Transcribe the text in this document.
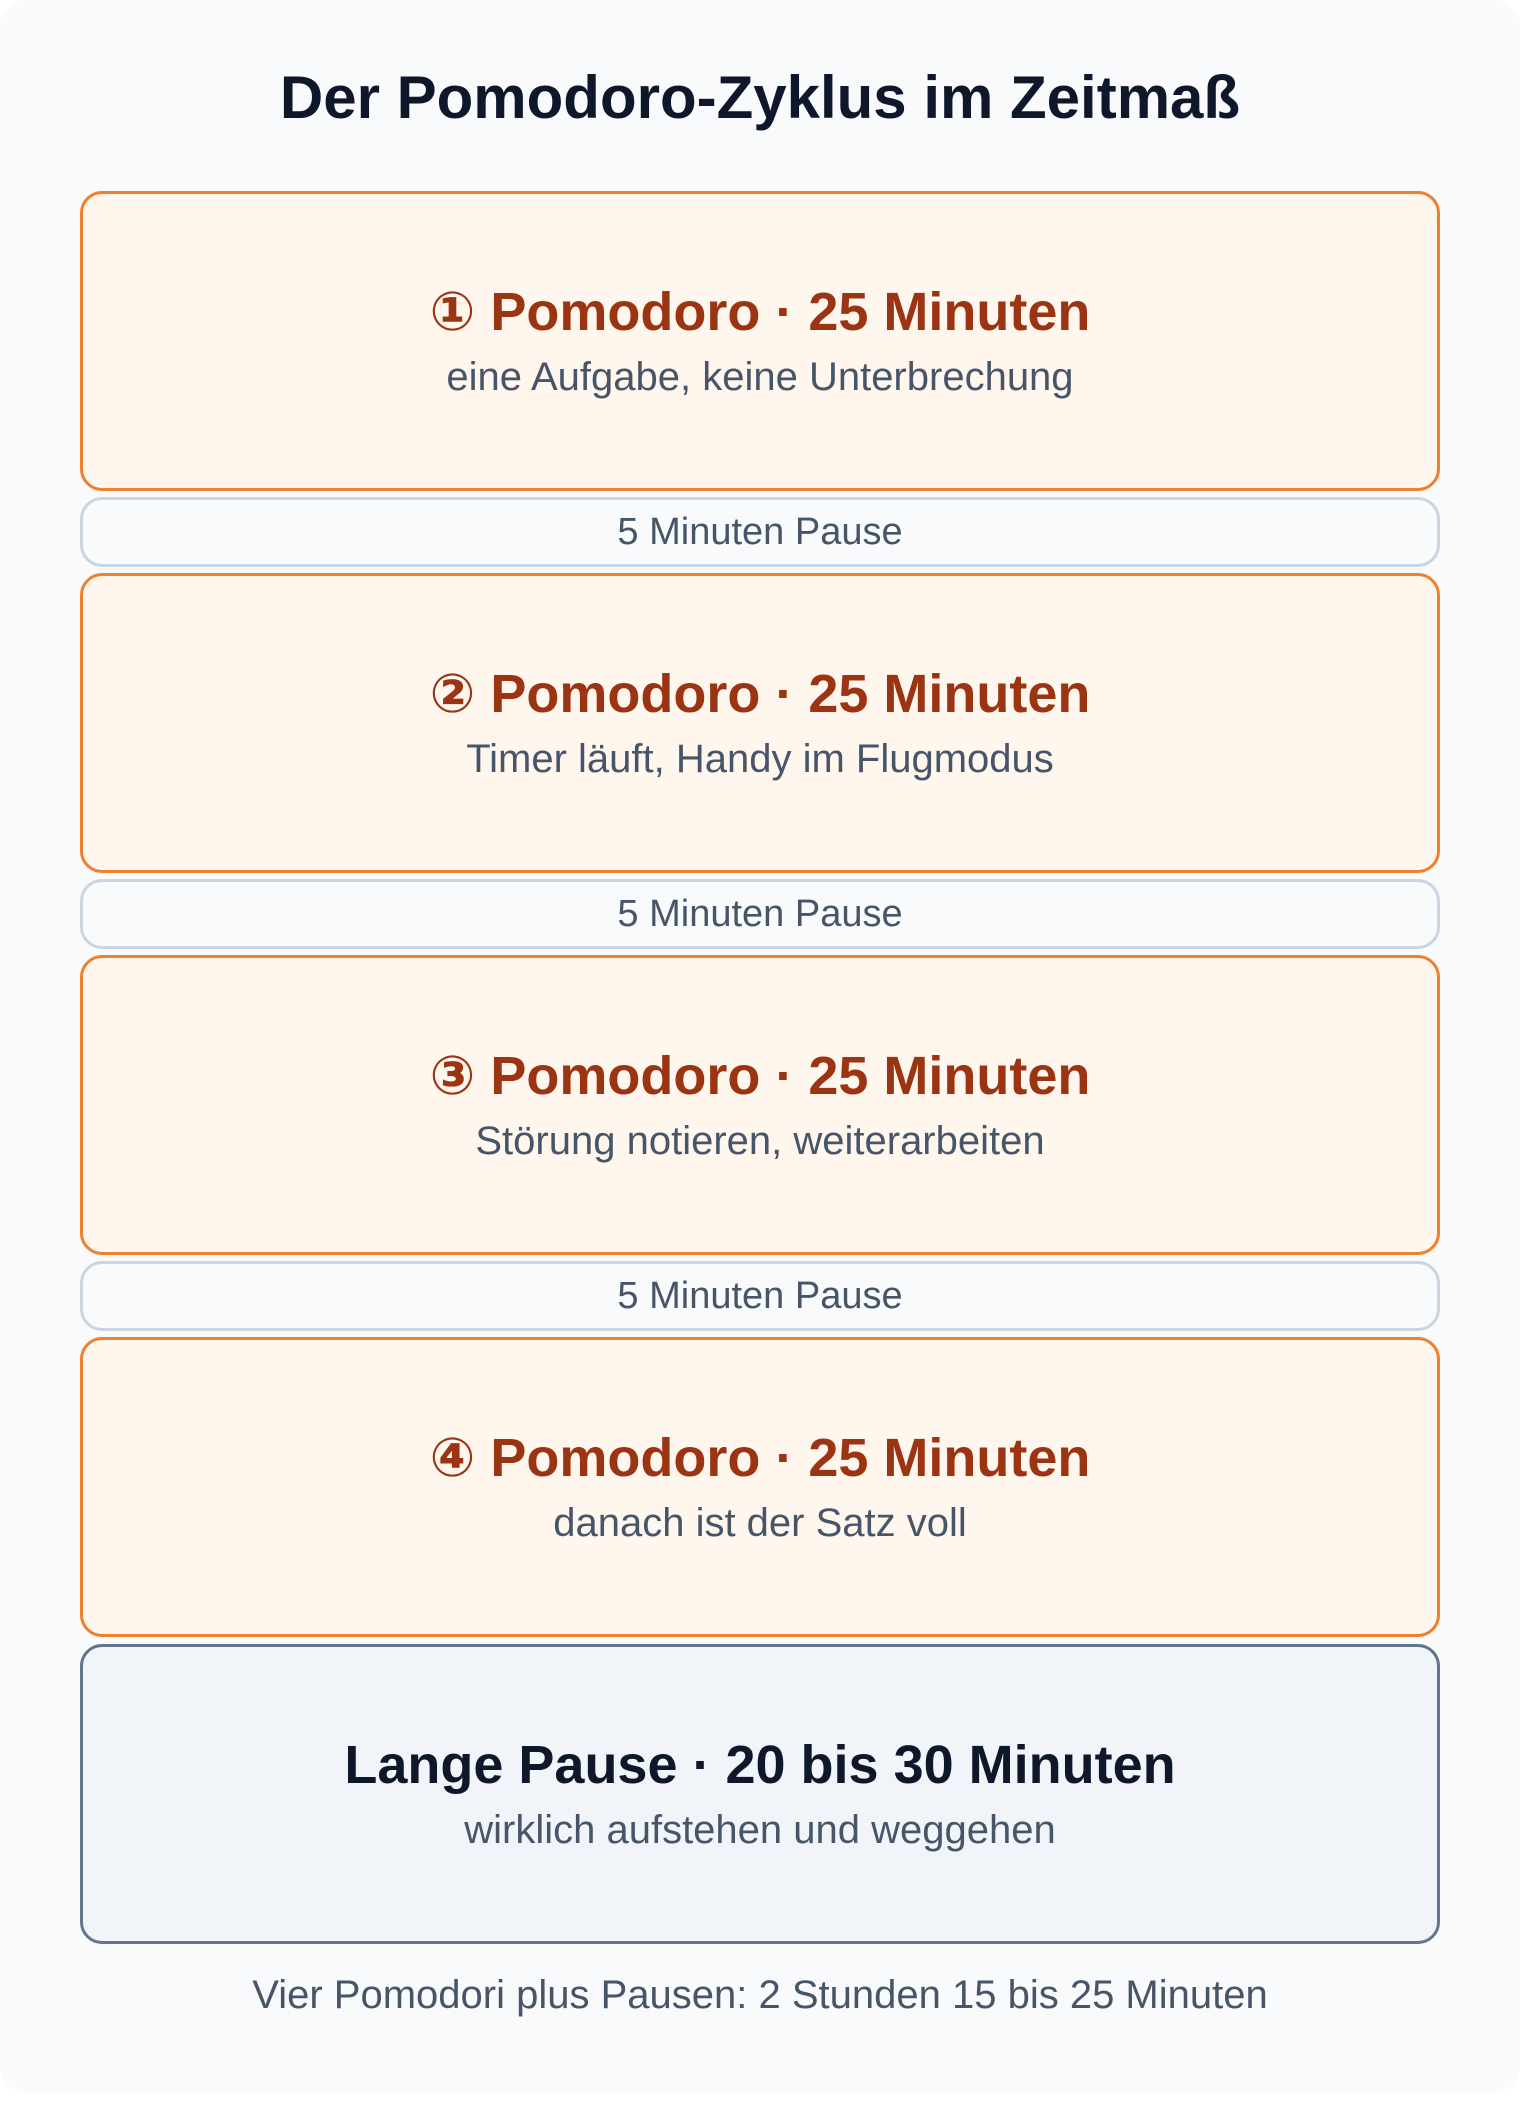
Der Pomodoro-Zyklus im Zeitmaß
① Pomodoro · 25 Minuten
eine Aufgabe, keine Unterbrechung
5 Minuten Pause
② Pomodoro · 25 Minuten
Timer läuft, Handy im Flugmodus
5 Minuten Pause
③ Pomodoro · 25 Minuten
Störung notieren, weiterarbeiten
5 Minuten Pause
④ Pomodoro · 25 Minuten
danach ist der Satz voll
Lange Pause · 20 bis 30 Minuten
wirklich aufstehen und weggehen
Vier Pomodori plus Pausen: 2 Stunden 15 bis 25 Minuten
